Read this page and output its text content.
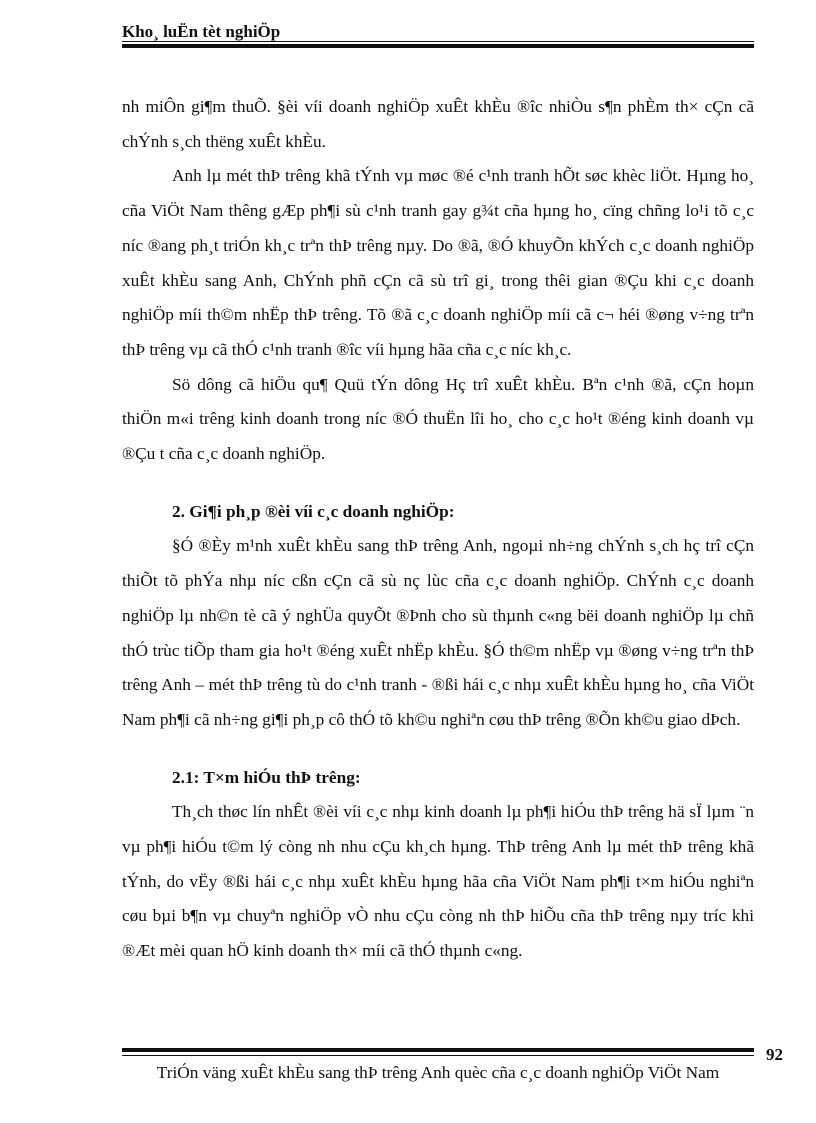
Kho¸ luËn tèt nghiÖp

nh miÔn gi¶m thuÕ. §èi víi doanh nghiÖp xuÊt khÈu ®îc nhiÒu s¶n phÈm th× cÇn cã chÝnh s¸ch thëng xuÊt khÈu.

Anh lµ mét thÞ trêng khã tÝnh vµ møc ®é c¹nh tranh hÕt søc khèc liÖt. Hµng ho¸ cña ViÖt Nam thêng gÆp ph¶i sù c¹nh tranh gay g¾t cña hµng ho¸ cïng chñng lo¹i tõ c¸c níc ®ang ph¸t triÓn kh¸c trªn thÞ trêng nµy. Do ®ã, ®Ó khuyÕn khÝch c¸c doanh nghiÖp xuÊt khÈu sang Anh, ChÝnh phñ cÇn cã sù trî gi¸ trong thêi gian ®Çu khi c¸c doanh nghiÖp míi th©m nhËp thÞ trêng. Tõ ®ã c¸c doanh nghiÖp míi cã c¬ héi ®øng v÷ng trªn thÞ trêng vµ cã thÓ c¹nh tranh ®îc víi hµng hãa cña c¸c níc kh¸c.

Sö dông cã hiÖu qu¶ Quü tÝn dông Hç trî xuÊt khÈu. Bªn c¹nh ®ã, cÇn hoµn thiÖn m«i trêng kinh doanh trong níc ®Ó thuËn lîi ho¸ cho c¸c ho¹t ®éng kinh doanh vµ ®Çu t cña c¸c doanh nghiÖp.

2. Gi¶i ph¸p ®èi víi c¸c doanh nghiÖp:

§Ó ®Èy m¹nh xuÊt khÈu sang thÞ trêng Anh, ngoµi nh÷ng chÝnh s¸ch hç trî cÇn thiÕt tõ phÝa nhµ níc cßn cÇn cã sù nç lùc cña c¸c doanh nghiÖp. ChÝnh c¸c doanh nghiÖp lµ nh©n tè cã ý nghÜa quyÕt ®Þnh cho sù thµnh c«ng bëi doanh nghiÖp lµ chñ thÓ trùc tiÕp tham gia ho¹t ®éng xuÊt nhËp khÈu. §Ó th©m nhËp vµ ®øng v÷ng trªn thÞ trêng Anh – mét thÞ trêng tù do c¹nh tranh - ®ßi hái c¸c nhµ xuÊt khÈu hµng ho¸ cña ViÖt Nam ph¶i cã nh÷ng gi¶i ph¸p cô thÓ tõ kh©u nghiªn cøu thÞ trêng ®Õn kh©u giao dÞch.

2.1: T×m hiÓu thÞ trêng:

Th¸ch thøc lín nhÊt ®èi víi c¸c nhµ kinh doanh lµ ph¶i hiÓu thÞ trêng hä sÏ lµm ¨n vµ ph¶i hiÓu t©m lý còng nh nhu cÇu kh¸ch hµng. ThÞ trêng Anh lµ mét thÞ trêng khã tÝnh, do vËy ®ßi hái c¸c nhµ xuÊt khÈu hµng hãa cña ViÖt Nam ph¶i t×m hiÓu nghiªn cøu bµi b¶n vµ chuyªn nghiÖp vÒ nhu cÇu còng nh thÞ hiÕu cña thÞ trêng nµy tríc khi ®Æt mèi quan hÖ kinh doanh th× míi cã thÓ thµnh c«ng.

92
TriÓn väng xuÊt khÈu sang thÞ trêng Anh quèc cña c¸c doanh nghiÖp ViÖt Nam
